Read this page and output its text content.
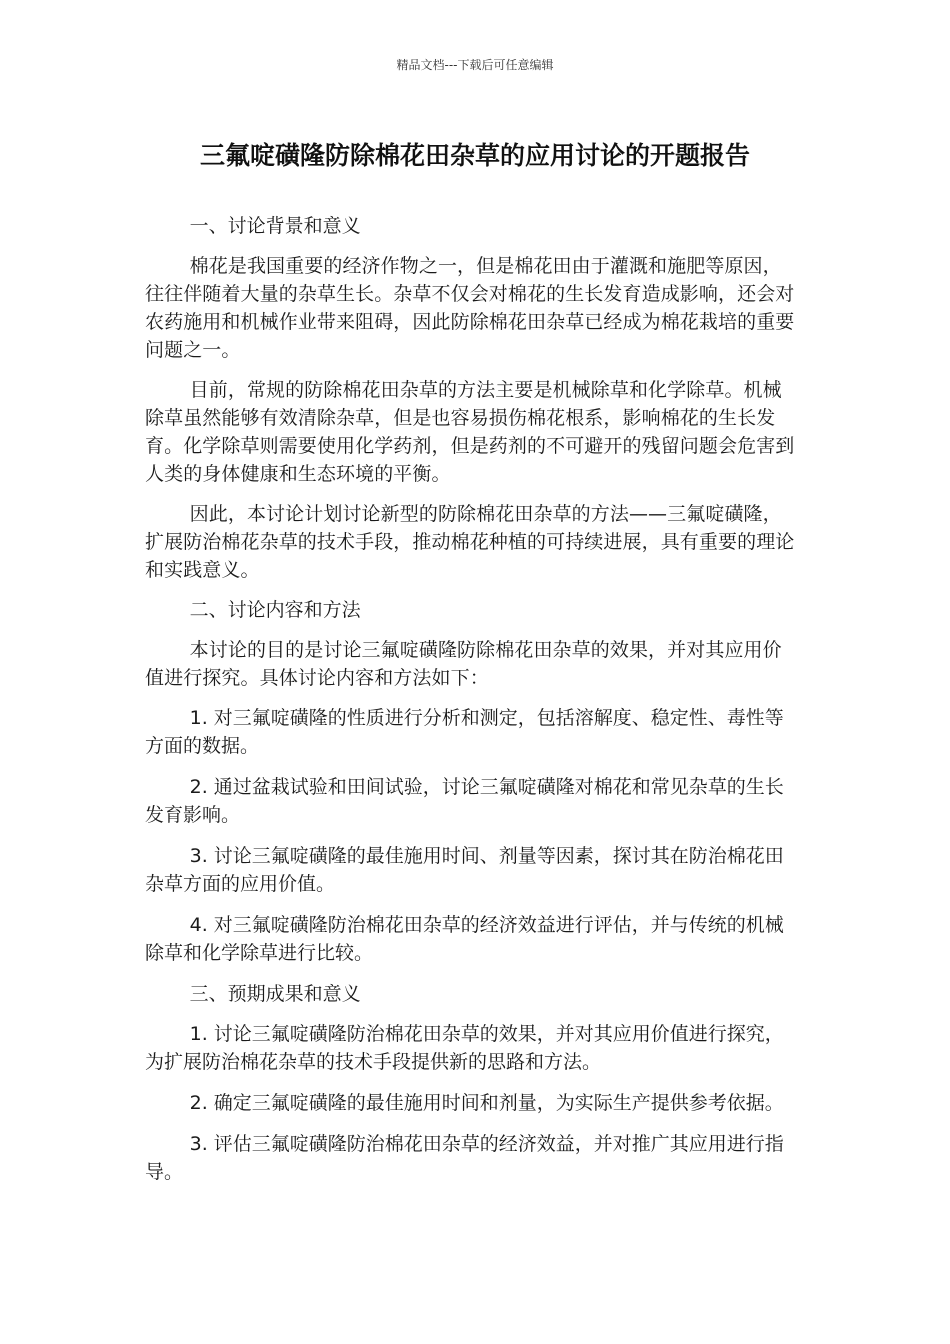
精品文档---下载后可任意编辑
三氟啶磺隆防除棉花田杂草的应用讨论的开题报告
一、讨论背景和意义

棉花是我国重要的经济作物之一，但是棉花田由于灌溉和施肥等原因，往往伴随着大量的杂草生长。杂草不仅会对棉花的生长发育造成影响，还会对农药施用和机械作业带来阻碍，因此防除棉花田杂草已经成为棉花栽培的重要问题之一。

目前，常规的防除棉花田杂草的方法主要是机械除草和化学除草。机械除草虽然能够有效清除杂草，但是也容易损伤棉花根系，影响棉花的生长发育。化学除草则需要使用化学药剂，但是药剂的不可避开的残留问题会危害到人类的身体健康和生态环境的平衡。

因此，本讨论计划讨论新型的防除棉花田杂草的方法——三氟啶磺隆，扩展防治棉花杂草的技术手段，推动棉花种植的可持续进展，具有重要的理论和实践意义。

二、讨论内容和方法

本讨论的目的是讨论三氟啶磺隆防除棉花田杂草的效果，并对其应用价值进行探究。具体讨论内容和方法如下：

1. 对三氟啶磺隆的性质进行分析和测定，包括溶解度、稳定性、毒性等方面的数据。

2. 通过盆栽试验和田间试验，讨论三氟啶磺隆对棉花和常见杂草的生长发育影响。

3. 讨论三氟啶磺隆的最佳施用时间、剂量等因素，探讨其在防治棉花田杂草方面的应用价值。

4. 对三氟啶磺隆防治棉花田杂草的经济效益进行评估，并与传统的机械除草和化学除草进行比较。

三、预期成果和意义

1. 讨论三氟啶磺隆防治棉花田杂草的效果，并对其应用价值进行探究，为扩展防治棉花杂草的技术手段提供新的思路和方法。

2. 确定三氟啶磺隆的最佳施用时间和剂量，为实际生产提供参考依据。

3. 评估三氟啶磺隆防治棉花田杂草的经济效益，并对推广其应用进行指导。
